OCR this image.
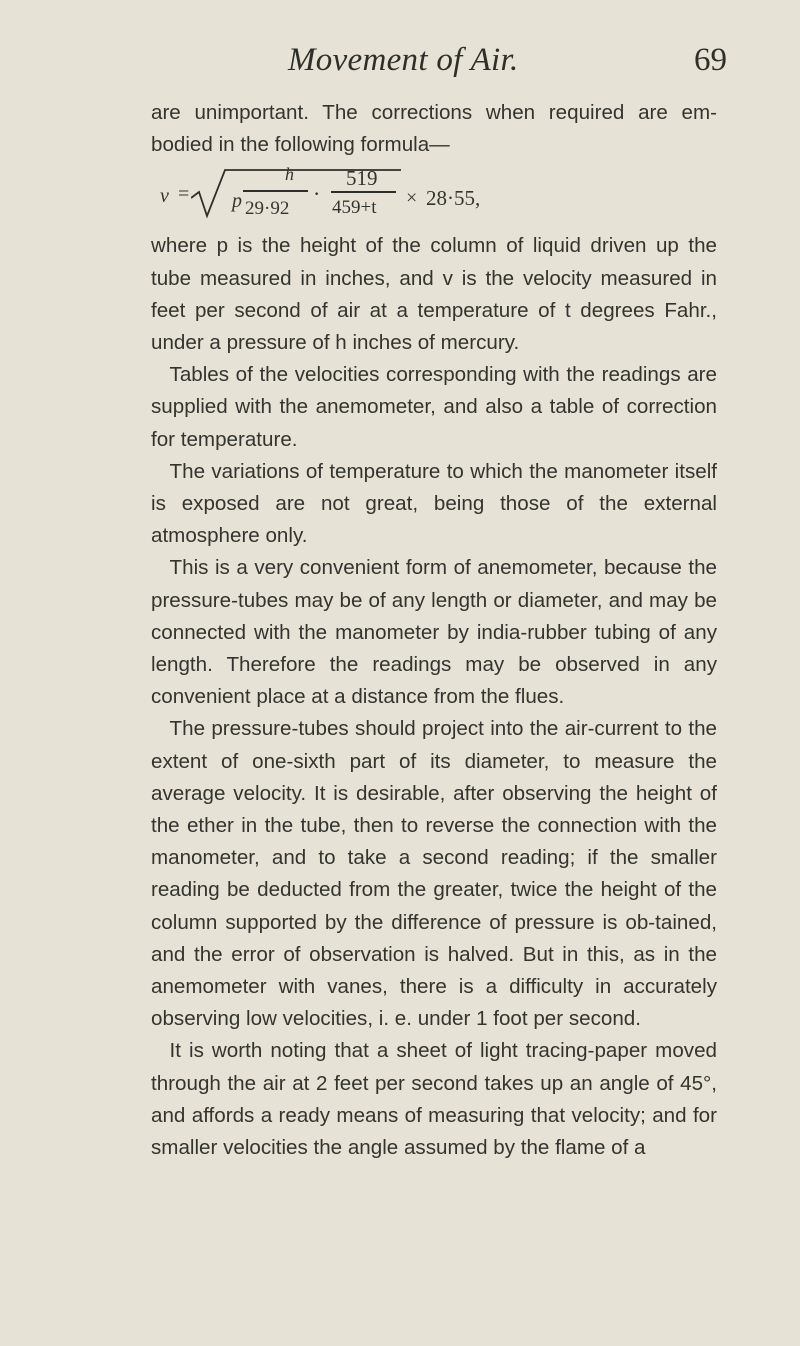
Movement of Air.	69

are unimportant. The corrections when required are em-bodied in the following formula—

v = p
h
29·92
·
519
459+t × 28·55,

where p is the height of the column of liquid driven up the tube measured in inches, and v is the velocity measured in feet per second of air at a temperature of t degrees Fahr., under a pressure of h inches of mercury.

Tables of the velocities corresponding with the readings are supplied with the anemometer, and also a table of correction for temperature.

The variations of temperature to which the manometer itself is exposed are not great, being those of the external atmosphere only.

This is a very convenient form of anemometer, because the pressure-tubes may be of any length or diameter, and may be connected with the manometer by india-rubber tubing of any length. Therefore the readings may be observed in any convenient place at a distance from the flues.

The pressure-tubes should project into the air-current to the extent of one-sixth part of its diameter, to measure the average velocity. It is desirable, after observing the height of the ether in the tube, then to reverse the connection with the manometer, and to take a second reading; if the smaller reading be deducted from the greater, twice the height of the column supported by the difference of pressure is ob-tained, and the error of observation is halved. But in this, as in the anemometer with vanes, there is a difficulty in accurately observing low velocities, i. e. under 1 foot per second.

It is worth noting that a sheet of light tracing-paper moved through the air at 2 feet per second takes up an angle of 45°, and affords a ready means of measuring that velocity; and for smaller velocities the angle assumed by the flame of a
